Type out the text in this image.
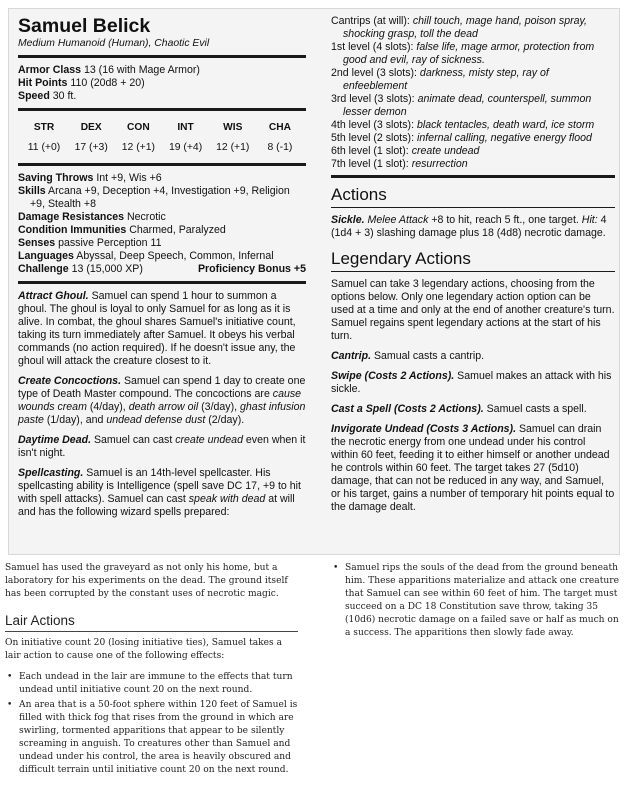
Samuel Belick
Medium Humanoid (Human), Chaotic Evil

Armor Class 13 (16 with Mage Armor)

Hit Points 110 (20d8 + 20)

Speed 30 ft.

STR
11 (+0)
DEX
17 (+3)
CON
12 (+1)
INT
19 (+4)
WIS
12 (+1)
CHA
8 (-1)

Saving Throws Int +9, Wis +6

Skills Arcana +9, Deception +4, Investigation +9, Religion +9, Stealth +8

Damage Resistances Necrotic

Condition Immunities Charmed, Paralyzed

Senses passive Perception 11

Languages Abyssal, Deep Speech, Common, Infernal

Challenge 13 (15,000 XP)	Proficiency Bonus +5

Attract Ghoul. Samuel can spend 1 hour to summon a ghoul. The ghoul is loyal to only Samuel for as long as it is alive. In combat, the ghoul shares Samuel's initiative count, taking its turn immediately after Samuel. It obeys his verbal commands (no action required). If he doesn't issue any, the ghoul will attack the creature closest to it.

Create Concoctions. Samuel can spend 1 day to create one type of Death Master compound. The concoctions are cause wounds cream (4/day), death arrow oil (3/day), ghast infusion paste (1/day), and undead defense dust (2/day).

Daytime Dead. Samuel can cast create undead even when it isn't night.

Spellcasting. Samuel is an 14th-level spellcaster. His spellcasting ability is Intelligence (spell save DC 17, +9 to hit with spell attacks). Samuel can cast speak with dead at will and has the following wizard spells prepared:

Cantrips (at will): chill touch, mage hand, poison spray, shocking grasp, toll the dead

1st level (4 slots): false life, mage armor, protection from good and evil, ray of sickness.

2nd level (3 slots): darkness, misty step, ray of enfeeblement

3rd level (3 slots): animate dead, counterspell, summon lesser demon

4th level (3 slots): black tentacles, death ward, ice storm

5th level (2 slots): infernal calling, negative energy flood

6th level (1 slot): create undead

7th level (1 slot): resurrection

Actions

Sickle. Melee Attack +8 to hit, reach 5 ft., one target. Hit: 4 (1d4 + 3) slashing damage plus 18 (4d8) necrotic damage.

Legendary Actions

Samuel can take 3 legendary actions, choosing from the options below. Only one legendary action option can be used at a time and only at the end of another creature's turn. Samuel regains spent legendary actions at the start of his turn.

Cantrip. Samual casts a cantrip.

Swipe (Costs 2 Actions). Samuel makes an attack with his sickle.

Cast a Spell (Costs 2 Actions). Samuel casts a spell.

Invigorate Undead (Costs 3 Actions). Samuel can drain the necrotic energy from one undead under his control within 60 feet, feeding it to either himself or another undead he controls within 60 feet. The target takes 27 (5d10) damage, that can not be reduced in any way, and Samuel, or his target, gains a number of temporary hit points equal to the damage dealt.

Samuel has used the graveyard as not only his home, but a laboratory for his experiments on the dead. The ground itself has been corrupted by the constant uses of necrotic magic.

Lair Actions

On initiative count 20 (losing initiative ties), Samuel takes a lair action to cause one of the following effects:

• Each undead in the lair are immune to the effects that turn undead until initiative count 20 on the next round.
• An area that is a 50-foot sphere within 120 feet of Samuel is filled with thick fog that rises from the ground in which are swirling, tormented apparitions that appear to be silently screaming in anguish. To creatures other than Samuel and undead under his control, the area is heavily obscured and difficult terrain until initiative count 20 on the next round.
• Samuel rips the souls of the dead from the ground beneath him. These apparitions materialize and attack one creature that Samuel can see within 60 feet of him. The target must succeed on a DC 18 Constitution save throw, taking 35 (10d6) necrotic damage on a failed save or half as much on a success. The apparitions then slowly fade away.
